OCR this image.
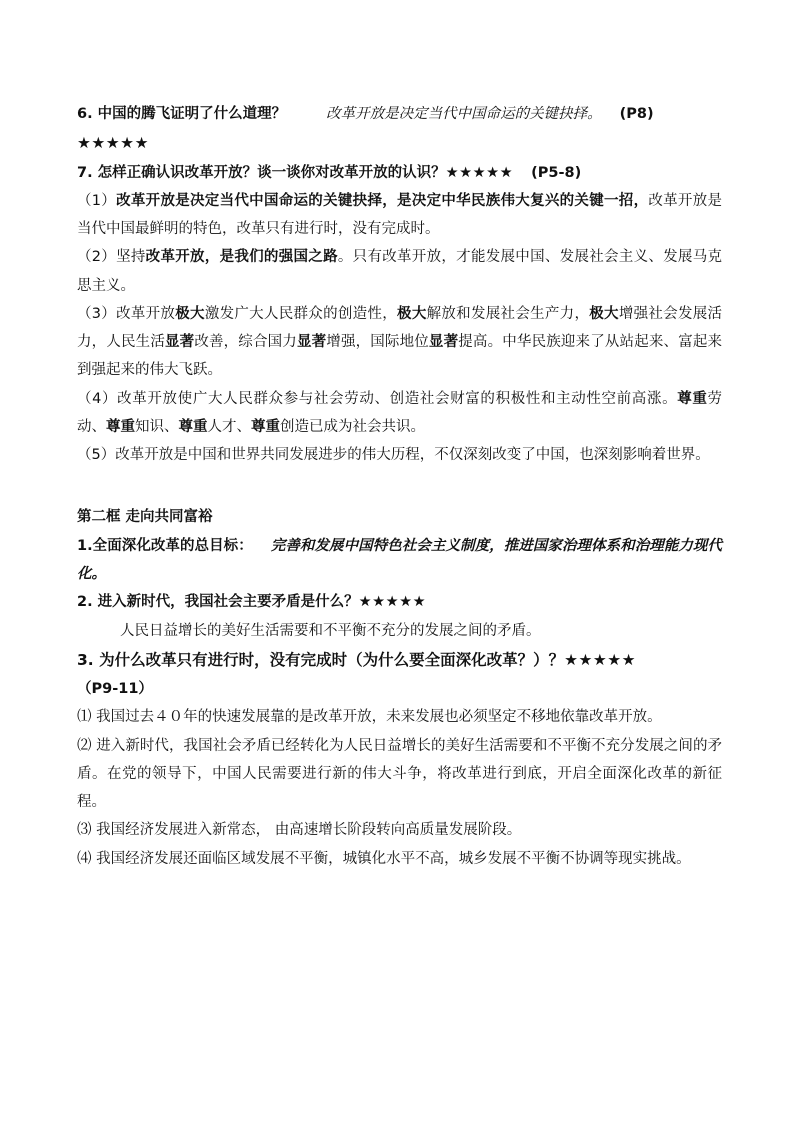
6. 中国的腾飞证明了什么道理？	改革开放是决定当代中国命运的关键抉择。 (P8)

★★★★★

7. 怎样正确认识改革开放？谈一谈你对改革开放的认识？★★★★★ (P5-8)

（1）改革开放是决定当代中国命运的关键抉择，是决定中华民族伟大复兴的关键一招，改革开放是当代中国最鲜明的特色，改革只有进行时，没有完成时。

（2）坚持改革开放，是我们的强国之路。只有改革开放，才能发展中国、发展社会主义、发展马克思主义。

（3）改革开放极大激发广大人民群众的创造性，极大解放和发展社会生产力，极大增强社会发展活力，人民生活显著改善，综合国力显著增强，国际地位显著提高。中华民族迎来了从站起来、富起来到强起来的伟大飞跃。

（4）改革开放使广大人民群众参与社会劳动、创造社会财富的积极性和主动性空前高涨。尊重劳动、尊重知识、尊重人才、尊重创造已成为社会共识。

（5）改革开放是中国和世界共同发展进步的伟大历程，不仅深刻改变了中国，也深刻影响着世界。

第二框 走向共同富裕

1.全面深化改革的总目标： 完善和发展中国特色社会主义制度，推进国家治理体系和治理能力现代化。

2. 进入新时代，我国社会主要矛盾是什么？★★★★★

人民日益增长的美好生活需要和不平衡不充分的发展之间的矛盾。

3. 为什么改革只有进行时，没有完成时（为什么要全面深化改革？）？★★★★★

（P9-11）

⑴ 我国过去４０年的快速发展靠的是改革开放，未来发展也必须坚定不移地依靠改革开放。

⑵ 进入新时代，我国社会矛盾已经转化为人民日益增长的美好生活需要和不平衡不充分发展之间的矛盾。在党的领导下，中国人民需要进行新的伟大斗争，将改革进行到底，开启全面深化改革的新征程。

⑶ 我国经济发展进入新常态， 由高速增长阶段转向高质量发展阶段。

⑷ 我国经济发展还面临区域发展不平衡，城镇化水平不高，城乡发展不平衡不协调等现实挑战。
